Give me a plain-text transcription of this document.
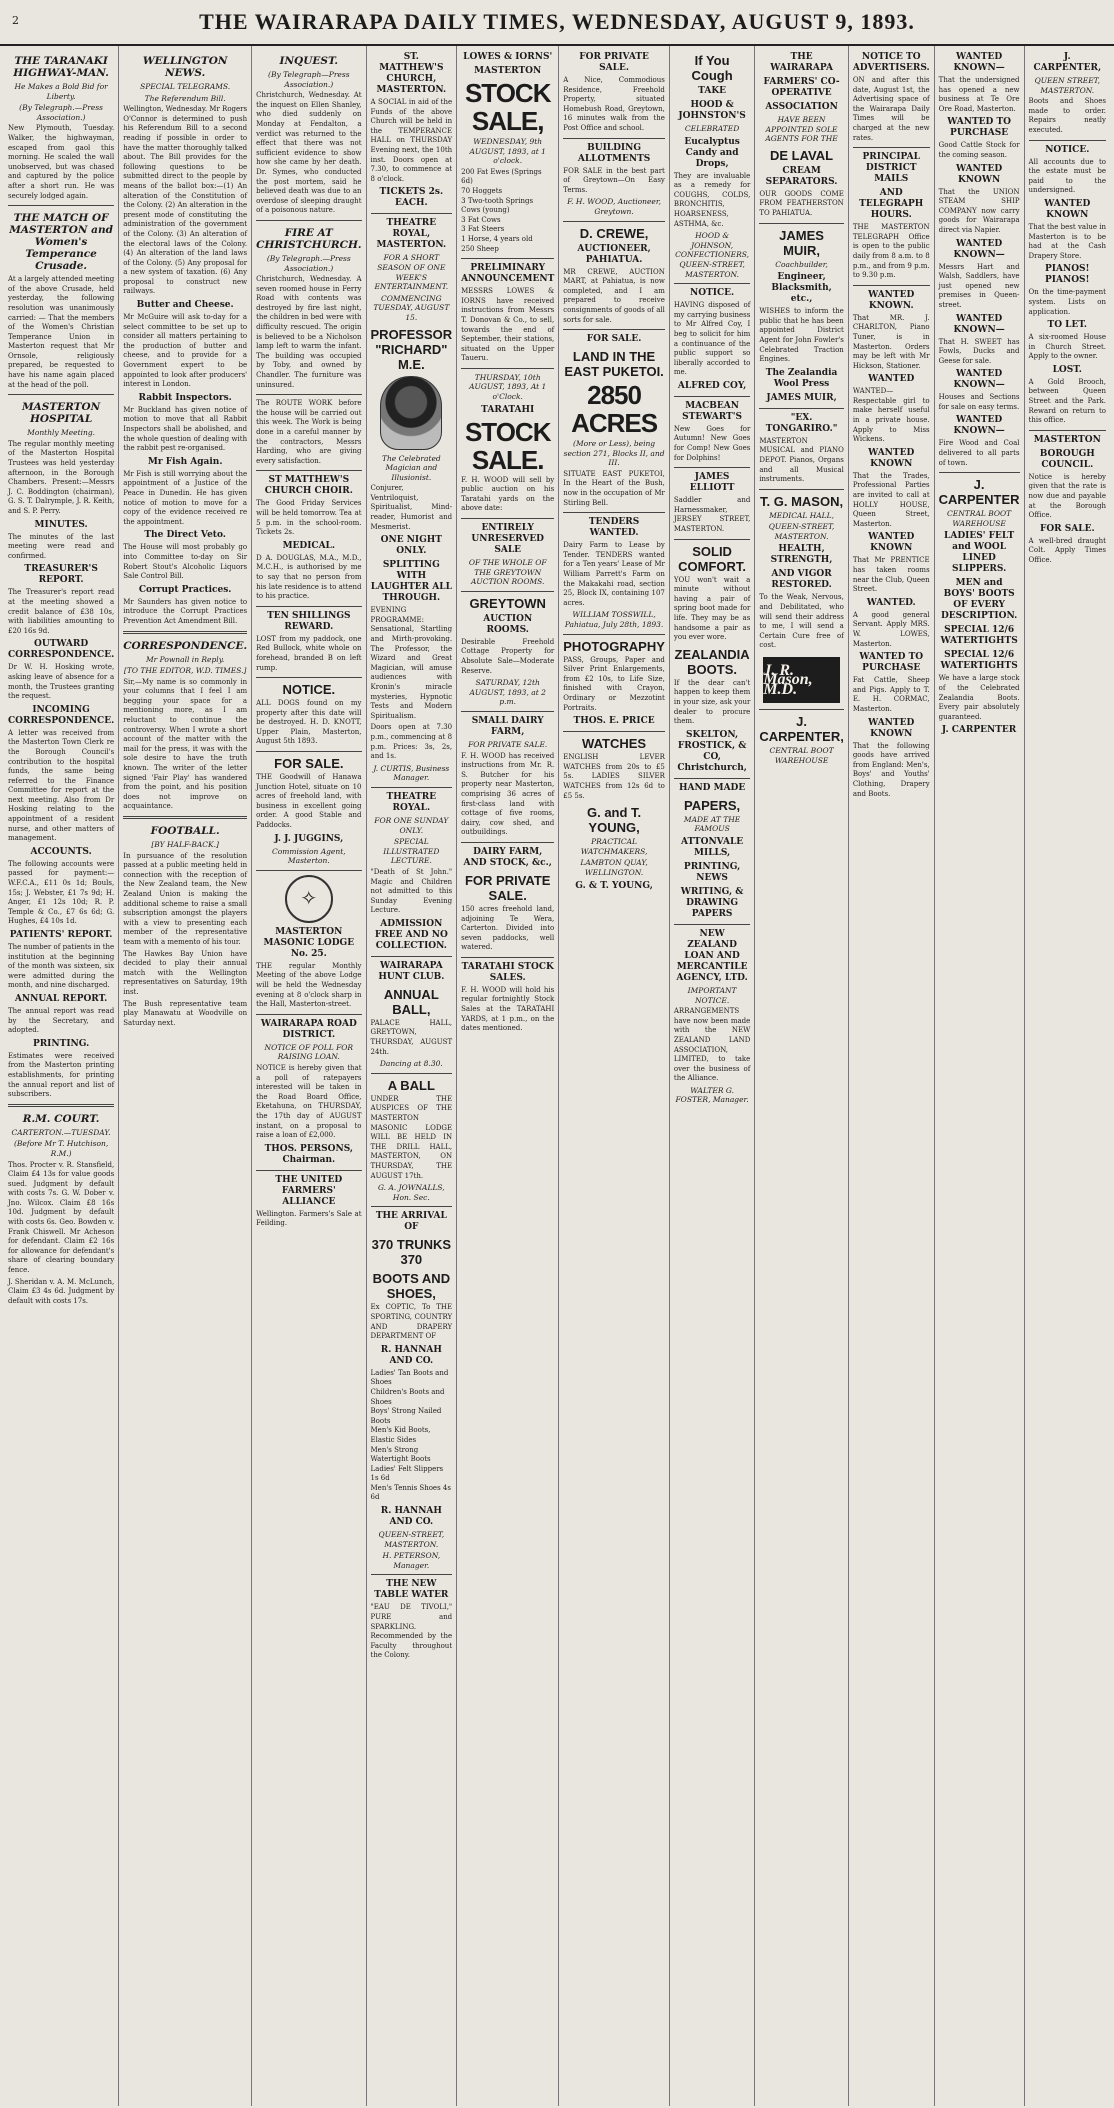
2	THE WAIRARAPA DAILY TIMES, WEDNESDAY, AUGUST 9, 1893.
THE TARANAKI HIGHWAY-MAN.
He Makes a Bold Bid for Liberty.
(By Telegraph.—Press Association.)

New Plymouth, Tuesday. Walker, the highwayman, escaped from gaol this morning. He scaled the wall unobserved, but was chased and captured by the police after a short run. He was securely lodged again.

THE MATCH OF MASTERTON and Women's Temperance Crusade.

At a largely attended meeting of the above Crusade, held yesterday, the following resolution was unanimously carried: — That the members of the Women's Christian Temperance Union in Masterton request that Mr Ornsole, religiously prepared, be requested to have his name again placed at the head of the poll.

MASTERTON HOSPITAL
Monthly Meeting.

The regular monthly meeting of the Masterton Hospital Trustees was held yesterday afternoon, in the Borough Chambers. Present:—Messrs J. C. Boddington (chairman), G. S. T. Dalrymple, J. R. Keith, and S. P. Perry.

MINUTES.

The minutes of the last meeting were read and confirmed.

TREASURER'S REPORT.

The Treasurer's report read at the meeting showed a credit balance of £38 10s, with liabilities amounting to £20 16s 9d.

OUTWARD CORRESPONDENCE.

Dr W. H. Hosking wrote, asking leave of absence for a month, the Trustees granting the request.

INCOMING CORRESPONDENCE.

A letter was received from the Masterton Town Clerk re the Borough Council's contribution to the hospital funds, the same being referred to the Finance Committee for report at the next meeting. Also from Dr Hosking relating to the appointment of a resident nurse, and other matters of management.

ACCOUNTS.

The following accounts were passed for payment:— W.F.C.A., £11 0s 1d; Bouls, 15s; J. Webster, £1 7s 9d; H. Anger, £1 12s 10d; R. P. Temple & Co., £7 6s 6d; G. Hughes, £4 10s 1d.

PATIENTS' REPORT.

The number of patients in the institution at the beginning of the month was sixteen, six were admitted during the month, and nine discharged.

ANNUAL REPORT.

The annual report was read by the Secretary, and adopted.

PRINTING.

Estimates were received from the Masterton printing establishments, for printing the annual report and list of subscribers.

R.M. COURT.
CARTERTON.—TUESDAY.
(Before Mr T. Hutchison, R.M.)

Thos. Procter v. R. Stansfield, Claim £4 13s for value goods sued. Judgment by default with costs 7s. G. W. Dober v. Jno. Wilcox. Claim £8 16s 10d. Judgment by default with costs 6s. Geo. Bowden v. Frank Chiswell. Mr Acheson for defendant. Claim £2 16s for allowance for defendant's share of clearing boundary fence.

J. Sheridan v. A. M. McLunch, Claim £3 4s 6d. Judgment by default with costs 17s.

WELLINGTON NEWS.
SPECIAL TELEGRAMS.
The Referendum Bill.

Wellington, Wednesday. Mr Rogers O'Connor is determined to push his Referendum Bill to a second reading if possible in order to have the matter thoroughly talked about. The Bill provides for the following questions to be submitted direct to the people by means of the ballot box:—(1) An alteration of the Constitution of the Colony. (2) An alteration in the present mode of constituting the administration of the government of the Colony. (3) An alteration of the electoral laws of the Colony. (4) An alteration of the land laws of the Colony. (5) Any proposal for a new system of taxation. (6) Any proposal to construct new railways.

Butter and Cheese.

Mr McGuire will ask to-day for a select committee to be set up to consider all matters pertaining to the production of butter and cheese, and to provide for a Government expert to be appointed to look after producers' interest in London.

Rabbit Inspectors.

Mr Buckland has given notice of motion to move that all Rabbit Inspectors shall be abolished, and the whole question of dealing with the rabbit pest re-organised.

Mr Fish Again.

Mr Fish is still worrying about the appointment of a Justice of the Peace in Dunedin. He has given notice of motion to move for a copy of the evidence received re the appointment.

The Direct Veto.

The House will most probably go into Committee to-day on Sir Robert Stout's Alcoholic Liquors Sale Control Bill.

Corrupt Practices.

Mr Saunders has given notice to introduce the Corrupt Practices Prevention Act Amendment Bill.

CORRESPONDENCE.
Mr Pownall in Reply.
[TO THE EDITOR, W.D. TIMES.]

Sir,—My name is so commonly in your columns that I feel I am begging your space for a mentioning more, as I am reluctant to continue the controversy. When I wrote a short account of the matter with the mail for the press, it was with the sole desire to have the truth known. The writer of the letter signed 'Fair Play' has wandered from the point, and his position does not improve on acquaintance.

FOOTBALL.
[BY HALF-BACK.]

In pursuance of the resolution passed at a public meeting held in connection with the reception of the New Zealand team, the New Zealand Union is making the additional scheme to raise a small subscription amongst the players with a view to presenting each member of the representative team with a memento of his tour.

The Hawkes Bay Union have decided to play their annual match with the Wellington representatives on Saturday, 19th inst.

The Bush representative team play Manawatu at Woodville on Saturday next.

INQUEST.
(By Telegraph—Press Association.)

Christchurch, Wednesday. At the inquest on Ellen Shanley, who died suddenly on Monday at Fendalton, a verdict was returned to the effect that there was not sufficient evidence to show how she came by her death. Dr. Symes, who conducted the post mortem, said he believed death was due to an overdose of sleeping draught of a poisonous nature.

FIRE AT CHRISTCHURCH.
(By Telegraph.—Press Association.)

Christchurch, Wednesday. A seven roomed house in Ferry Road with contents was destroyed by fire last night, the children in bed were with difficulty rescued. The origin is believed to be a Nicholson lamp left to warm the infant. The building was occupied by Toby, and owned by Chandler. The furniture was uninsured.

The ROUTE WORK before the house will be carried out this week. The Work is being done in a careful manner by the contractors, Messrs Harding, who are giving every satisfaction.

ST MATTHEW'S CHURCH CHOIR.

The Good Friday Services will be held tomorrow. Tea at 5 p.m. in the school-room. Tickets 2s.

MEDICAL.

D A. DOUGLAS, M.A., M.D., M.C.H., is authorised by me to say that no person from his late residence is to attend to his practice.

TEN SHILLINGS REWARD.

LOST from my paddock, one Red Bullock, white whole on forehead, branded B on left rump.

NOTICE.

ALL DOGS found on my property after this date will be destroyed. H. D. KNOTT, Upper Plain, Masterton, August 5th 1893.

FOR SALE.

THE Goodwill of Hanawa Junction Hotel, situate on 10 acres of freehold land, with business in excellent going order. A good Stable and Paddocks.

J. J. JUGGINS,
Commission Agent, Masterton.
✧
MASTERTON MASONIC LODGE No. 25.

THE regular Monthly Meeting of the above Lodge will be held the Wednesday evening at 8 o'clock sharp in the Hall, Masterton-street.

WAIRARAPA ROAD DISTRICT.
NOTICE OF POLL FOR RAISING LOAN.

NOTICE is hereby given that a poll of ratepayers interested will be taken in the Road Board Office, Eketahuna, on THURSDAY, the 17th day of AUGUST instant, on a proposal to raise a loan of £2,000.

THOS. PERSONS, Chairman.
THE UNITED FARMERS' ALLIANCE

Wellington. Farmers's Sale at Feilding.

ST. MATTHEW'S CHURCH, MASTERTON.

A SOCIAL in aid of the Funds of the above Church will be held in the TEMPERANCE HALL on THURSDAY Evening next, the 10th inst. Doors open at 7.30, to commence at 8 o'clock.

TICKETS 2s. EACH.
THEATRE ROYAL, MASTERTON.
FOR A SHORT SEASON OF ONE WEEK'S ENTERTAINMENT.
COMMENCING TUESDAY, AUGUST 15.
PROFESSOR "RICHARD" M.E.
The Celebrated Magician and Illusionist.

Conjurer, Ventriloquist, Spiritualist, Mind-reader, Humorist and Mesmerist.

ONE NIGHT ONLY.
SPLITTING WITH LAUGHTER ALL THROUGH.

EVENING PROGRAMME: Sensational, Startling and Mirth-provoking. The Professor, the Wizard and Great Magician, will amuse audiences with Kronin's miracle mysteries, Hypnotic Tests and Modern Spiritualism.

Doors open at 7.30 p.m., commencing at 8 p.m. Prices: 3s, 2s, and 1s.

J. CURTIS, Business Manager.
THEATRE ROYAL.
FOR ONE SUNDAY ONLY.
SPECIAL ILLUSTRATED LECTURE.

"Death of St John." Magic and Children not admitted to this Sunday Evening Lecture.

ADMISSION FREE AND NO COLLECTION.
WAIRARAPA HUNT CLUB.
ANNUAL BALL,

PALACE HALL, GREYTOWN, THURSDAY, AUGUST 24th.

Dancing at 8.30.
A BALL

UNDER THE AUSPICES OF THE MASTERTON MASONIC LODGE WILL BE HELD IN THE DRILL HALL, MASTERTON, ON THURSDAY, THE AUGUST 17th.

G. A. JOWNALLS, Hon. Sec.
THE ARRIVAL OF
370 TRUNKS 370
BOOTS AND SHOES,

Ex COPTIC, To THE SPORTING, COUNTRY AND DRAPERY DEPARTMENT OF

R. HANNAH AND CO.
Ladies' Tan Boots and Shoes
Children's Boots and Shoes
Boys' Strong Nailed Boots
Men's Kid Boots, Elastic Sides
Men's Strong Watertight Boots
Ladies' Felt Slippers 1s 6d
Men's Tennis Shoes 4s 6d
R. HANNAH AND CO.
QUEEN-STREET, MASTERTON.
H. PETERSON, Manager.
THE NEW TABLE WATER

"EAU DE TIVOLI," PURE and SPARKLING. Recommended by the Faculty throughout the Colony.

LOWES & IORNS'
MASTERTON
STOCK SALE,
WEDNESDAY, 9th AUGUST, 1893, at 1 o'clock.
200 Fat Ewes (Springs 6d)
70 Hoggets
3 Two-tooth Springs Cows (young)
3 Fat Cows
3 Fat Steers
1 Horse, 4 years old
250 Sheep
PRELIMINARY ANNOUNCEMENT

MESSRS LOWES & IORNS have received instructions from Messrs T. Donovan & Co., to sell, towards the end of September, their stations, situated on the Upper Taueru.

THURSDAY, 10th AUGUST, 1893, At 1 o'Clock.
TARATAHI
STOCK SALE.

F. H. WOOD will sell by public auction on his Taratahi yards on the above date:

ENTIRELY UNRESERVED SALE
OF THE WHOLE OF THE GREYTOWN AUCTION ROOMS.
GREYTOWN
AUCTION ROOMS.

Desirable Freehold Cottage Property for Absolute Sale—Moderate Reserve.

SATURDAY, 12th AUGUST, 1893, at 2 p.m.
SMALL DAIRY FARM,
FOR PRIVATE SALE.

F. H. WOOD has received instructions from Mr. R. S. Butcher for his property near Masterton, comprising 36 acres of first-class land with cottage of five rooms, dairy, cow shed, and outbuildings.

DAIRY FARM, AND STOCK, &c.,
FOR PRIVATE SALE.

150 acres freehold land, adjoining Te Wera, Carterton. Divided into seven paddocks, well watered.

TARATAHI STOCK SALES.

F. H. WOOD will hold his regular fortnightly Stock Sales at the TARATAHI YARDS, at 1 p.m., on the dates mentioned.

FOR PRIVATE SALE.

A Nice, Commodious Residence, Freehold Property, situated Homebush Road, Greytown, 16 minutes walk from the Post Office and school.

BUILDING ALLOTMENTS

FOR SALE in the best part of Greytown—On Easy Terms.

F. H. WOOD, Auctioneer, Greytown.
D. CREWE,
AUCTIONEER, PAHIATUA.

MR CREWE, AUCTION MART, at Pahiatua, is now completed, and I am prepared to receive consignments of goods of all sorts for sale.

FOR SALE.
LAND IN THE EAST PUKETOI.
2850 ACRES
(More or Less), being section 271, Blocks II, and III.

SITUATE EAST PUKETOI, In the Heart of the Bush, now in the occupation of Mr Stirling Bell.

TENDERS WANTED.

Dairy Farm to Lease by Tender. TENDERS wanted for a Ten years' Lease of Mr William Parrett's Farm on the Makakahi road, section 25, Block IX, containing 107 acres.

WILLIAM TOSSWILL, Pahiatua, July 28th, 1893.
PHOTOGRAPHY

PASS, Groups, Paper and Silver Print Enlargements, from £2 10s, to Life Size, finished with Crayon, Ordinary or Mezzotint Portraits.

THOS. E. PRICE
WATCHES

ENGLISH LEVER WATCHES from 20s to £5 5s. LADIES SILVER WATCHES from 12s 6d to £5 5s.

G. and T. YOUNG,
PRACTICAL WATCHMAKERS,
LAMBTON QUAY, WELLINGTON.
G. & T. YOUNG,
If You Cough
TAKE
HOOD & JOHNSTON'S
CELEBRATED
Eucalyptus Candy and Drops,

They are invaluable as a remedy for COUGHS, COLDS, BRONCHITIS, HOARSENESS, ASTHMA, &c.

HOOD & JOHNSON, CONFECTIONERS, QUEEN-STREET, MASTERTON.
NOTICE.

HAVING disposed of my carrying business to Mr Alfred Coy, I beg to solicit for him a continuance of the public support so liberally accorded to me.

ALFRED COY,
MACBEAN STEWART'S

New Goes for Autumn! New Goes for Comp! New Goes for Dolphins!

JAMES ELLIOTT

Saddler and Harnessmaker, JERSEY STREET, MASTERTON.

SOLID COMFORT.

YOU won't wait a minute without having a pair of spring boot made for life. They may be as handsome a pair as you ever wore.

ZEALANDIA BOOTS.

If the dear can't happen to keep them in your size, ask your dealer to procure them.

SKELTON, FROSTICK, & CO, Christchurch,
HAND MADE
PAPERS,
MADE AT THE FAMOUS
ATTONVALE MILLS,
PRINTING, NEWS
WRITING, & DRAWING PAPERS
NEW ZEALAND LOAN AND MERCANTILE AGENCY, LTD.
IMPORTANT NOTICE.

ARRANGEMENTS have now been made with the NEW ZEALAND LAND ASSOCIATION, LIMITED, to take over the business of the Alliance.

WALTER G. FOSTER, Manager.
THE WAIRARAPA
FARMERS' CO-OPERATIVE
ASSOCIATION
HAVE BEEN APPOINTED SOLE AGENTS FOR THE
DE LAVAL
CREAM SEPARATORS.

OUR GOODS COME FROM FEATHERSTON TO PAHIATUA.

JAMES MUIR,
Coachbuilder,
Engineer, Blacksmith, etc.,

WISHES to inform the public that he has been appointed District Agent for John Fowler's Celebrated Traction Engines.

The Zealandia Wool Press
JAMES MUIR,
"EX. TONGARIRO."

MASTERTON MUSICAL and PIANO DEPOT. Pianos, Organs and all Musical instruments.

T. G. MASON,
MEDICAL HALL,
QUEEN-STREET, MASTERTON.
HEALTH, STRENGTH,
AND VIGOR RESTORED.

To the Weak, Nervous, and Debilitated, who will send their address to me, I will send a Certain Cure free of cost.

J. R. Mason, M.D.
J. CARPENTER,
CENTRAL BOOT WAREHOUSE
NOTICE TO ADVERTISERS.

ON and after this date, August 1st, the Advertising space of the Wairarapa Daily Times will be charged at the new rates.

PRINCIPAL DISTRICT MAILS
AND TELEGRAPH HOURS.

THE MASTERTON TELEGRAPH Office is open to the public daily from 8 a.m. to 8 p.m., and from 9 p.m. to 9.30 p.m.

WANTED KNOWN.

That MR. J. CHARLTON, Piano Tuner, is in Masterton. Orders may be left with Mr Hickson, Stationer.

WANTED

WANTED—Respectable girl to make herself useful in a private house. Apply to Miss Wickens.

WANTED KNOWN

That the Trades, Professional Parties are invited to call at HOLLY HOUSE, Queen Street, Masterton.

WANTED KNOWN

That Mr PRENTICE has taken rooms near the Club, Queen Street.

WANTED.

A good general Servant. Apply MRS. W. LOWES, Masterton.

WANTED TO PURCHASE

Fat Cattle, Sheep and Pigs. Apply to T. E. H. CORMAC, Masterton.

WANTED KNOWN

That the following goods have arrived from England: Men's, Boys' and Youths' Clothing, Drapery and Boots.

WANTED KNOWN—

That the undersigned has opened a new business at Te Ore Ore Road, Masterton.

WANTED TO PURCHASE

Good Cattle Stock for the coming season.

WANTED KNOWN

That the UNION STEAM SHIP COMPANY now carry goods for Wairarapa direct via Napier.

WANTED KNOWN—

Messrs Hart and Walsh, Saddlers, have just opened new premises in Queen-street.

WANTED KNOWN—

That H. SWEET has Fowls, Ducks and Geese for sale.

WANTED KNOWN—

Houses and Sections for sale on easy terms.

WANTED KNOWN—

Fire Wood and Coal delivered to all parts of town.

J. CARPENTER
CENTRAL BOOT WAREHOUSE
LADIES' FELT and WOOL LINED SLIPPERS.
MEN and BOYS' BOOTS OF EVERY DESCRIPTION.
SPECIAL 12/6 WATERTIGHTS
SPECIAL 12/6 WATERTIGHTS

We have a large stock of the Celebrated Zealandia Boots. Every pair absolutely guaranteed.

J. CARPENTER
J. CARPENTER,
QUEEN STREET, MASTERTON.

Boots and Shoes made to order. Repairs neatly executed.

NOTICE.

All accounts due to the estate must be paid to the undersigned.

WANTED KNOWN

That the best value in Masterton is to be had at the Cash Drapery Store.

PIANOS! PIANOS!

On the time-payment system. Lists on application.

TO LET.

A six-roomed House in Church Street. Apply to the owner.

LOST.

A Gold Brooch, between Queen Street and the Park. Reward on return to this office.

MASTERTON
BOROUGH COUNCIL.

Notice is hereby given that the rate is now due and payable at the Borough Office.

FOR SALE.

A well-bred draught Colt. Apply Times Office.
